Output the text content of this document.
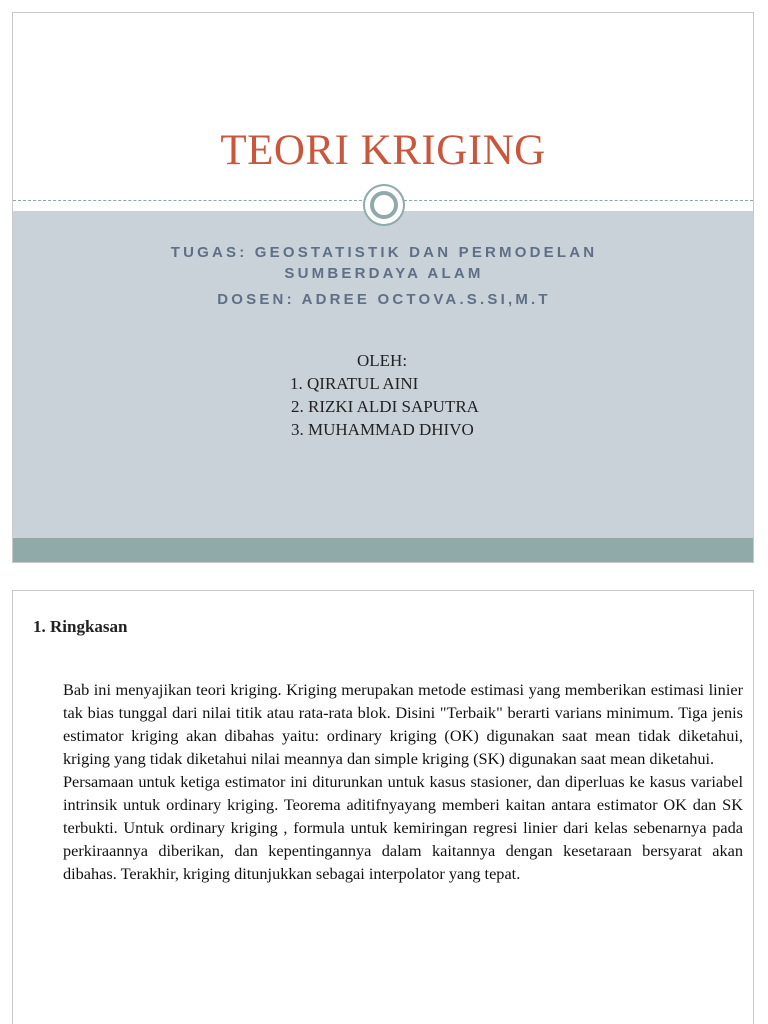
TEORI KRIGING
TUGAS: GEOSTATISTIK DAN PERMODELAN
SUMBERDAYA ALAM
DOSEN: ADREE OCTOVA.S.SI,M.T
OLEH:
1. QIRATUL AINI
2. RIZKI ALDI SAPUTRA
3. MUHAMMAD DHIVO
1. Ringkasan

Bab ini menyajikan teori kriging. Kriging merupakan metode estimasi yang memberikan estimasi linier tak bias tunggal dari nilai titik atau rata-rata blok. Disini "Terbaik" berarti varians minimum. Tiga jenis estimator kriging akan dibahas yaitu: ordinary kriging (OK) digunakan saat mean tidak diketahui, kriging yang tidak diketahui nilai meannya dan simple kriging (SK) digunakan saat mean diketahui.

Persamaan untuk ketiga estimator ini diturunkan untuk kasus stasioner, dan diperluas ke kasus variabel intrinsik untuk ordinary kriging. Teorema aditifnyayang memberi kaitan antara estimator OK dan SK terbukti. Untuk ordinary kriging , formula untuk kemiringan regresi linier dari kelas sebenarnya pada perkiraannya diberikan, dan kepentingannya dalam kaitannya dengan kesetaraan bersyarat akan dibahas. Terakhir, kriging ditunjukkan sebagai interpolator yang tepat.
